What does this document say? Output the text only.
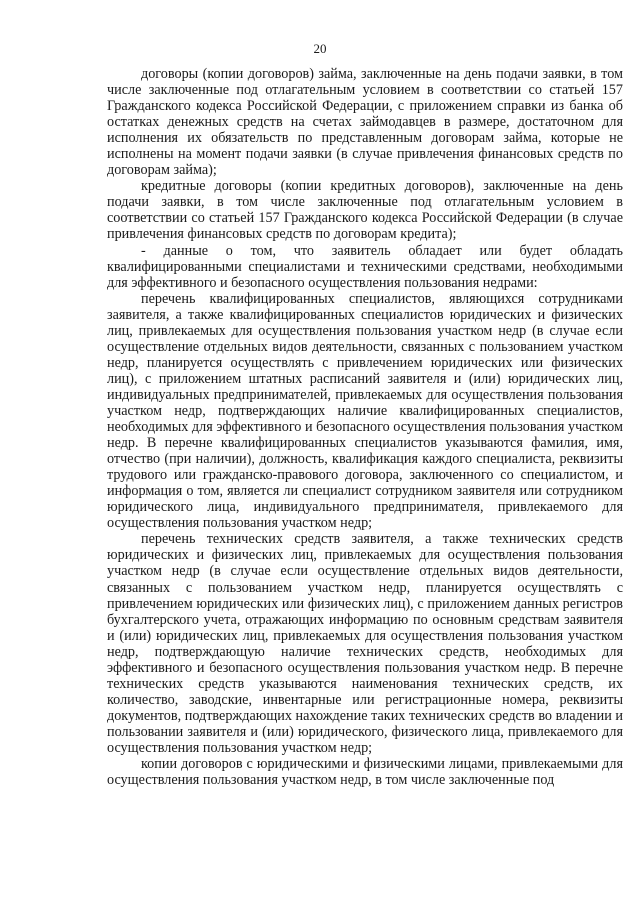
20

договоры (копии договоров) займа, заключенные на день подачи заявки, в том числе заключенные под отлагательным условием в соответствии со статьей 157 Гражданского кодекса Российской Федерации, с приложением справки из банка об остатках денежных средств на счетах займодавцев в размере, достаточном для исполнения их обязательств по представленным договорам займа, которые не исполнены на момент подачи заявки (в случае привлечения финансовых средств по договорам займа);

кредитные договоры (копии кредитных договоров), заключенные на день подачи заявки, в том числе заключенные под отлагательным условием в соответствии со статьей 157 Гражданского кодекса Российской Федерации (в случае привлечения финансовых средств по договорам кредита);

- данные о том, что заявитель обладает или будет обладать квалифицированными специалистами и техническими средствами, необходимыми для эффективного и безопасного осуществления пользования недрами:

перечень квалифицированных специалистов, являющихся сотрудниками заявителя, а также квалифицированных специалистов юридических и физических лиц, привлекаемых для осуществления пользования участком недр (в случае если осуществление отдельных видов деятельности, связанных с пользованием участком недр, планируется осуществлять с привлечением юридических или физических лиц), с приложением штатных расписаний заявителя и (или) юридических лиц, индивидуальных предпринимателей, привлекаемых для осуществления пользования участком недр, подтверждающих наличие квалифицированных специалистов, необходимых для эффективного и безопасного осуществления пользования участком недр. В перечне квалифицированных специалистов указываются фамилия, имя, отчество (при наличии), должность, квалификация каждого специалиста, реквизиты трудового или гражданско-правового договора, заключенного со специалистом, и информация о том, является ли специалист сотрудником заявителя или сотрудником юридического лица, индивидуального предпринимателя, привлекаемого для осуществления пользования участком недр;

перечень технических средств заявителя, а также технических средств юридических и физических лиц, привлекаемых для осуществления пользования участком недр (в случае если осуществление отдельных видов деятельности, связанных с пользованием участком недр, планируется осуществлять с привлечением юридических или физических лиц), с приложением данных регистров бухгалтерского учета, отражающих информацию по основным средствам заявителя и (или) юридических лиц, привлекаемых для осуществления пользования участком недр, подтверждающую наличие технических средств, необходимых для эффективного и безопасного осуществления пользования участком недр. В перечне технических средств указываются наименования технических средств, их количество, заводские, инвентарные или регистрационные номера, реквизиты документов, подтверждающих нахождение таких технических средств во владении и пользовании заявителя и (или) юридического, физического лица, привлекаемого для осуществления пользования участком недр;

копии договоров с юридическими и физическими лицами, привлекаемыми для осуществления пользования участком недр, в том числе заключенные под
